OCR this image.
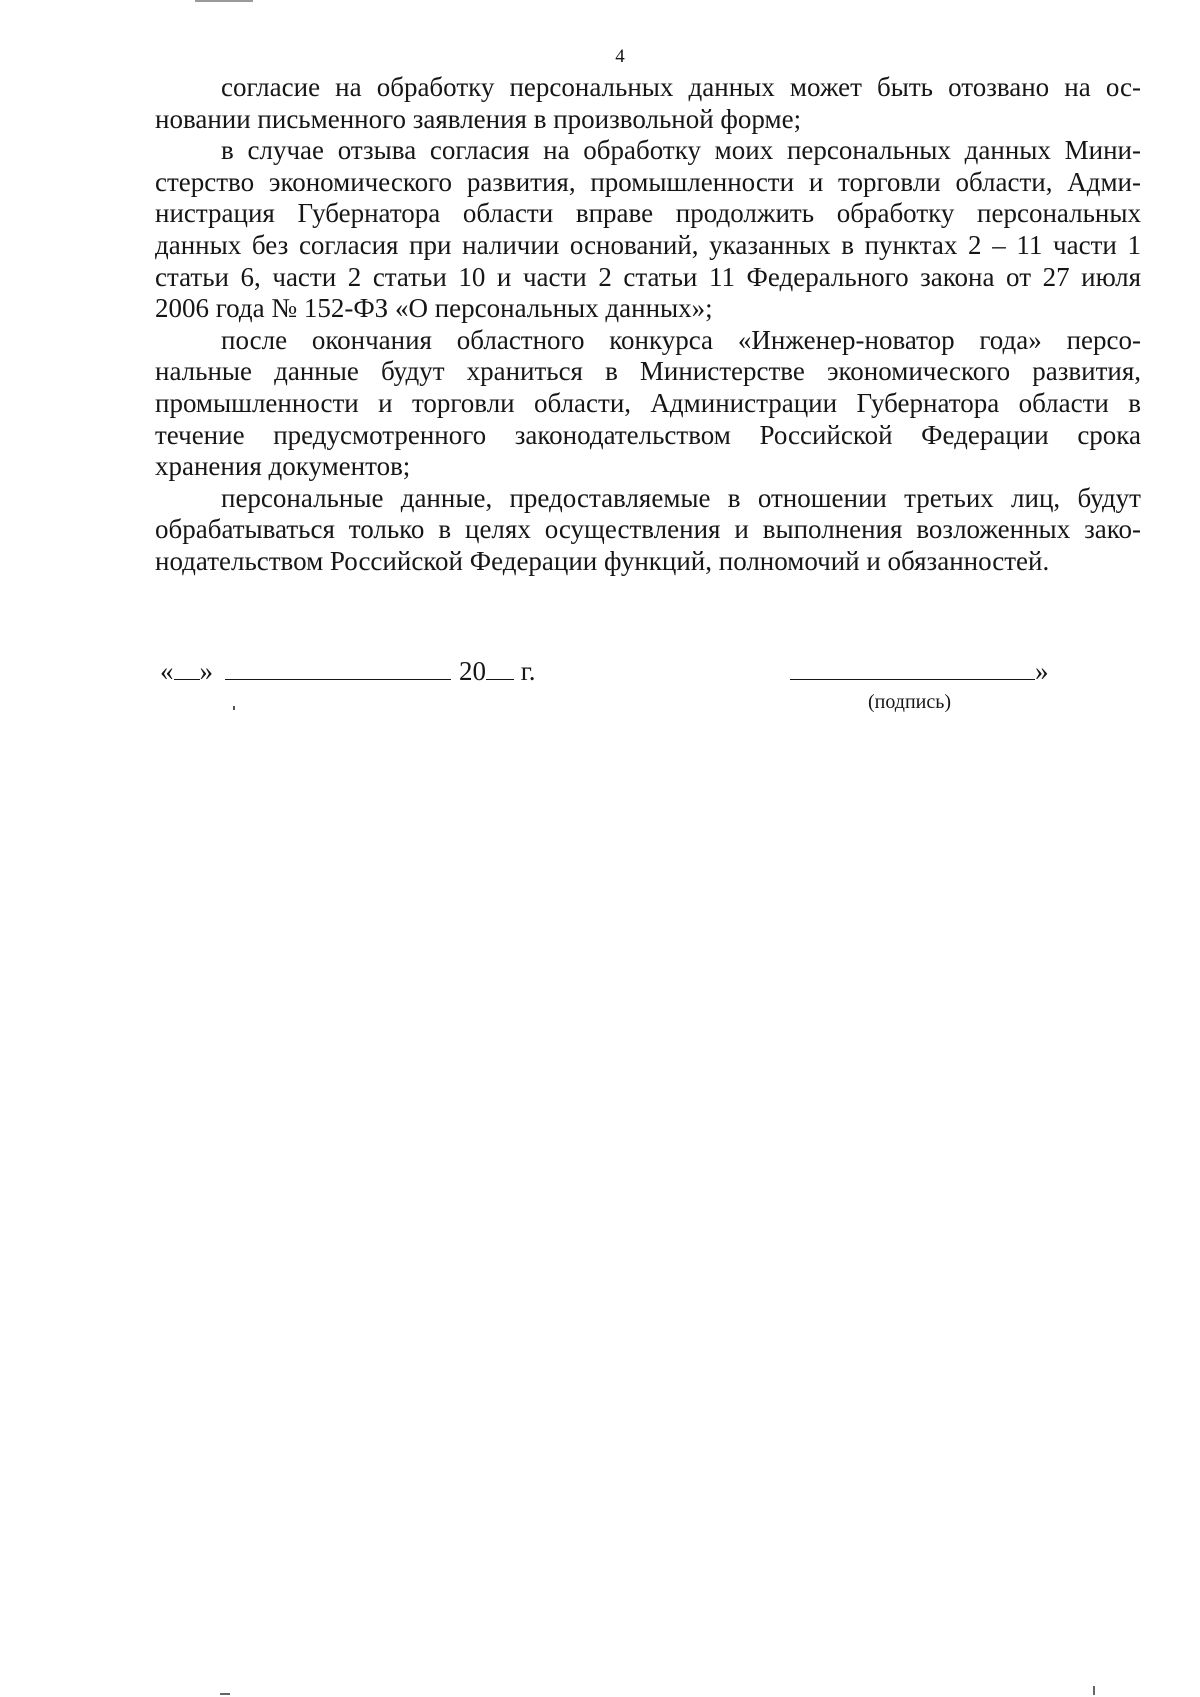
4
согласие на обработку персональных данных может быть отозвано на ос-
новании письменного заявления в произвольной форме;
в случае отзыва согласия на обработку моих персональных данных Мини-
стерство экономического развития, промышленности и торговли области, Адми-
нистрация Губернатора области вправе продолжить обработку персональных
данных без согласия при наличии оснований, указанных в пунктах 2 – 11 части 1
статьи 6, части 2 статьи 10 и части 2 статьи 11 Федерального закона от 27 июля
2006 года № 152-ФЗ «О персональных данных»;
после окончания областного конкурса «Инженер-новатор года» персо-
нальные данные будут храниться в Министерстве экономического развития,
промышленности и торговли области, Администрации Губернатора области в
течение предусмотренного законодательством Российской Федерации срока
хранения документов;
персональные данные, предоставляемые в отношении третьих лиц, будут
обрабатываться только в целях осуществления и выполнения возложенных зако-
нодательством Российской Федерации функций, полномочий и обязанностей.
« »	20 г.	»
(подпись)
